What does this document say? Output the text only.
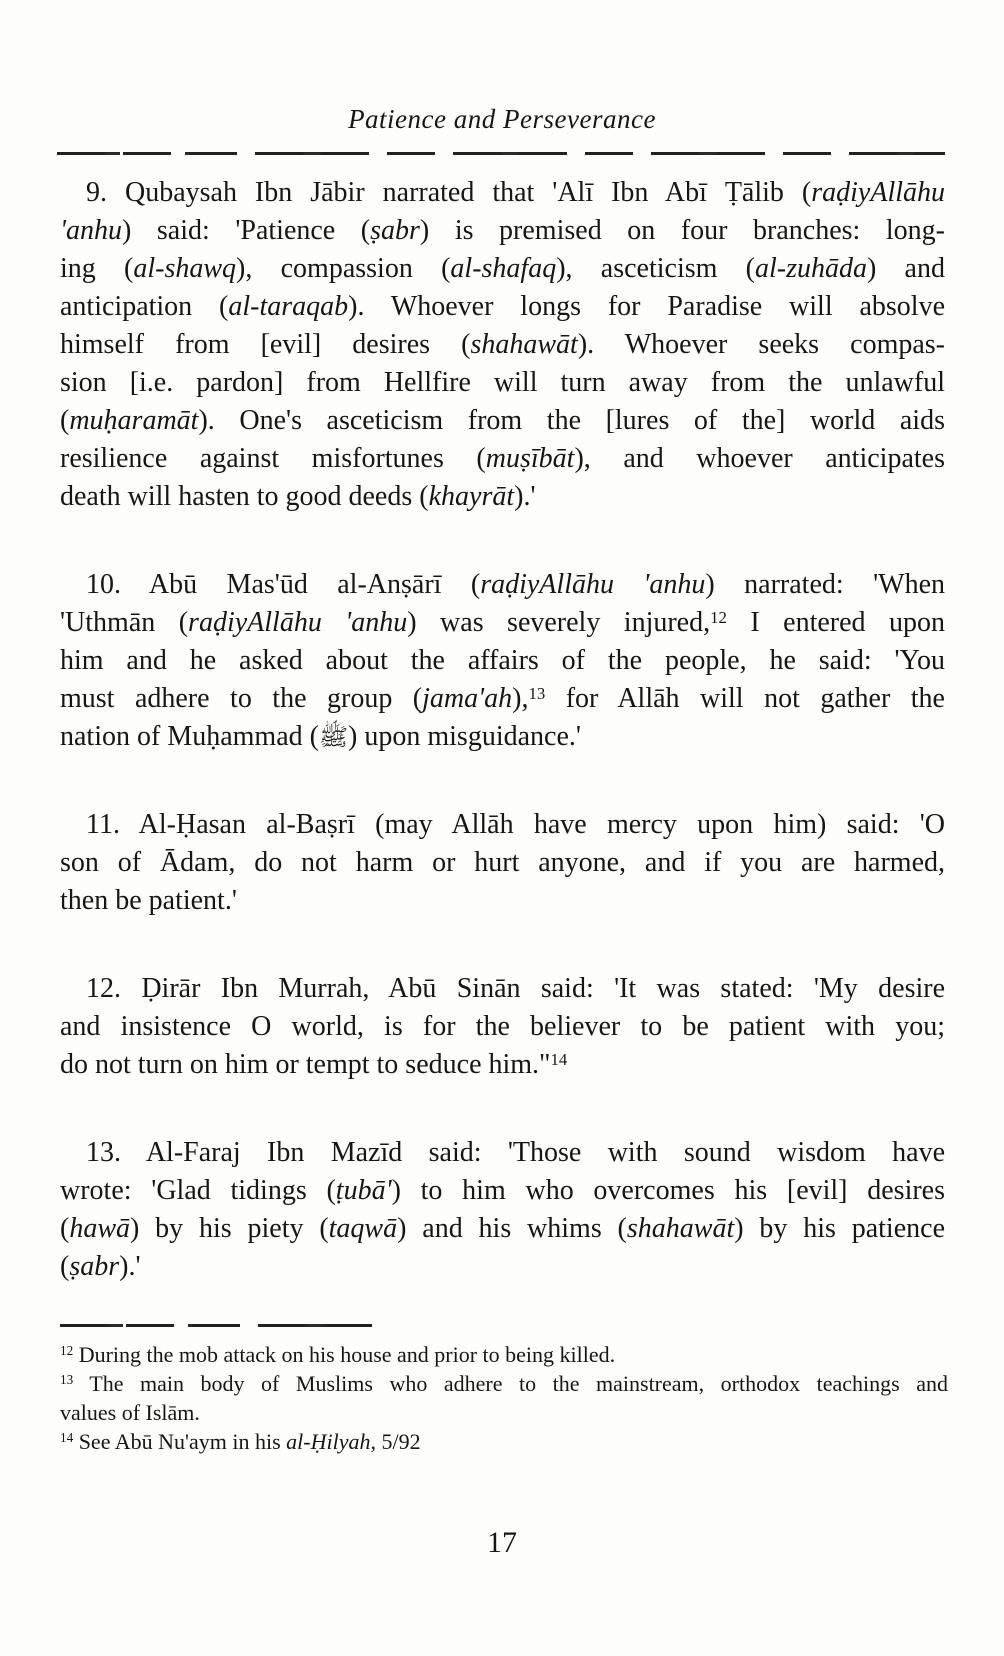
Patience and Perseverance

9. Qubaysah Ibn Jābir narrated that 'Alī Ibn Abī Ṭālib (raḍiyAllāhu
'anhu) said: 'Patience (ṣabr) is premised on four branches: long-
ing (al-shawq), compassion (al-shafaq), asceticism (al-zuhāda) and
anticipation (al-taraqab). Whoever longs for Paradise will absolve
himself from [evil] desires (shahawāt). Whoever seeks compas-
sion [i.e. pardon] from Hellfire will turn away from the unlawful
(muḥaramāt). One's asceticism from the [lures of the] world aids
resilience against misfortunes (muṣībāt), and whoever anticipates
death will hasten to good deeds (khayrāt).'

10. Abū Mas'ūd al-Anṣārī (raḍiyAllāhu 'anhu) narrated: 'When
'Uthmān (raḍiyAllāhu 'anhu) was severely injured,$^{12}$ I entered upon
him and he asked about the affairs of the people, he said: 'You
must adhere to the group (jama'ah),$^{13}$ for Allāh will not gather the
nation of Muḥammad (ﷺ) upon misguidance.'

11. Al-Ḥasan al-Baṣrī (may Allāh have mercy upon him) said: 'O
son of Ādam, do not harm or hurt anyone, and if you are harmed,
then be patient.'

12. Ḍirār Ibn Murrah, Abū Sinān said: 'It was stated: 'My desire
and insistence O world, is for the believer to be patient with you;
do not turn on him or tempt to seduce him."$^{14}$

13. Al-Faraj Ibn Mazīd said: 'Those with sound wisdom have
wrote: 'Glad tidings (ṭubā') to him who overcomes his [evil] desires
(hawā) by his piety (taqwā) and his whims (shahawāt) by his patience
(ṣabr).'

$^{12}$ During the mob attack on his house and prior to being killed.

$^{13}$ The main body of Muslims who adhere to the mainstream, orthodox teachings and
values of Islām.

$^{14}$ See Abū Nu'aym in his al-Ḥilyah, 5/92

17
